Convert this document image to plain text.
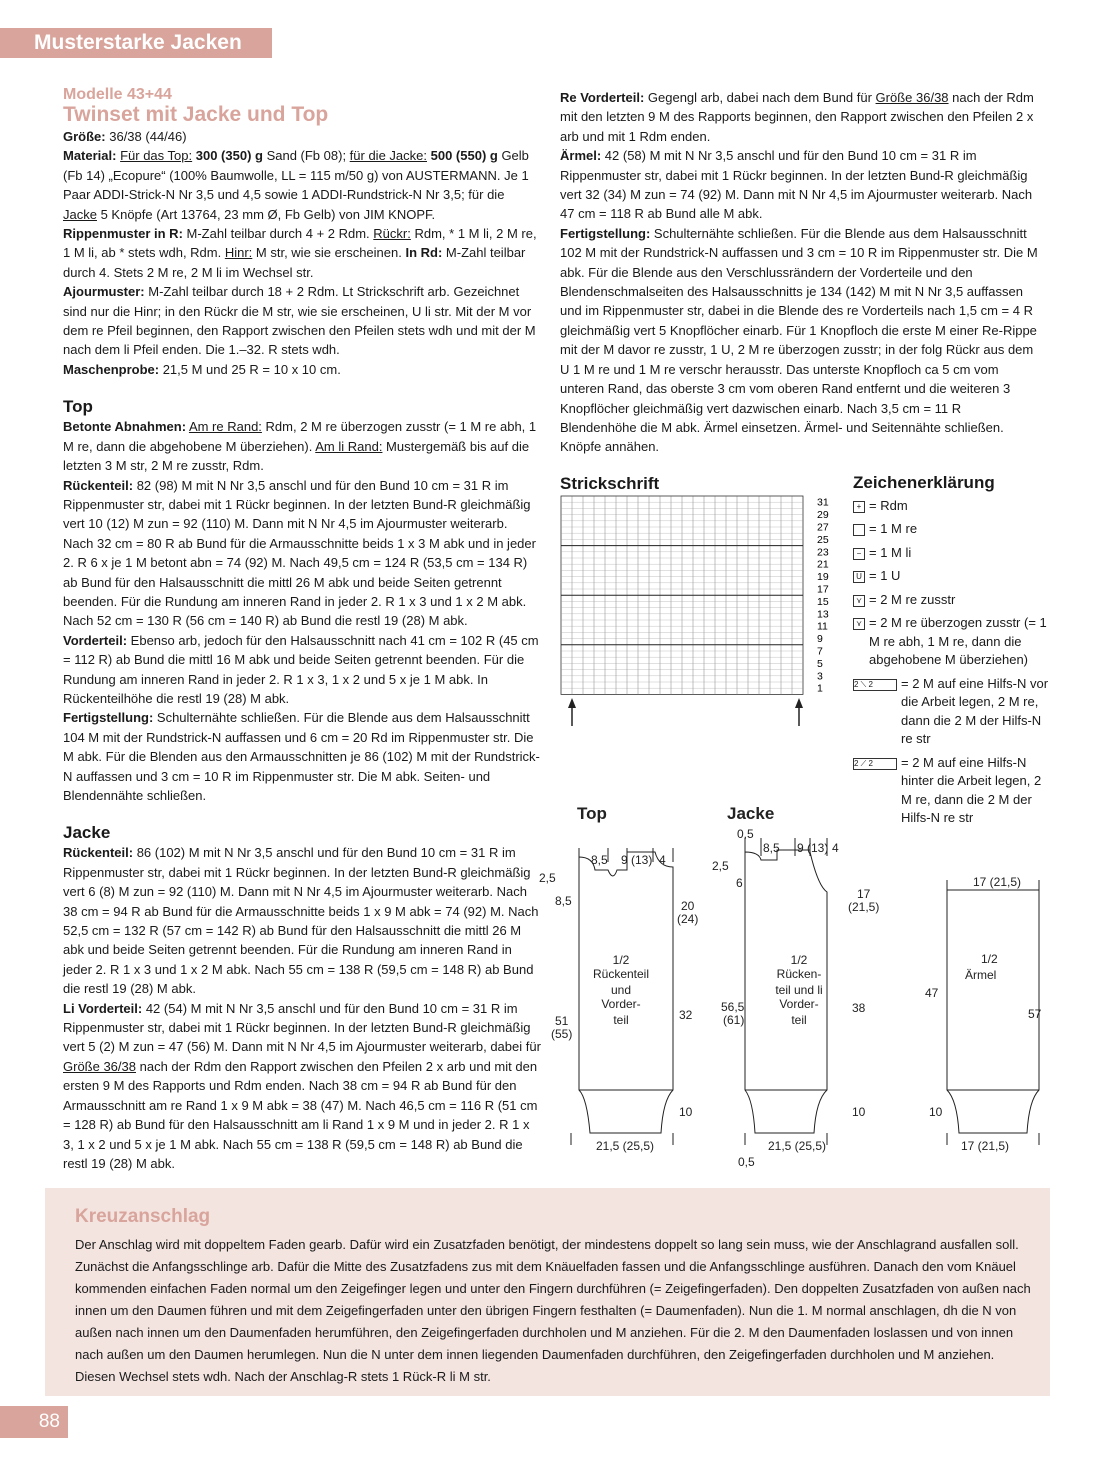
Musterstarke Jacken
Modelle 43+44
Twinset mit Jacke und Top

Größe: 36/38 (44/46)

Material: Für das Top: 300 (350) g Sand (Fb 08); für die Jacke: 500 (550) g Gelb (Fb 14) „Ecopure“ (100% Baumwolle, LL = 115 m/50 g) von AUSTERMANN. Je 1 Paar ADDI-Strick-N Nr 3,5 und 4,5 sowie 1 ADDI-Rundstrick-N Nr 3,5; für die Jacke 5 Knöpfe (Art 13764, 23 mm Ø, Fb Gelb) von JIM KNOPF.

Rippenmuster in R: M-Zahl teilbar durch 4 + 2 Rdm. Rückr: Rdm, * 1 M li, 2 M re, 1 M li, ab * stets wdh, Rdm. Hinr: M str, wie sie erscheinen. In Rd: M-Zahl teilbar durch 4. Stets 2 M re, 2 M li im Wechsel str.

Ajourmuster: M-Zahl teilbar durch 18 + 2 Rdm. Lt Strickschrift arb. Gezeichnet sind nur die Hinr; in den Rückr die M str, wie sie erscheinen, U li str. Mit der M vor dem re Pfeil beginnen, den Rapport zwischen den Pfeilen stets wdh und mit der M nach dem li Pfeil enden. Die 1.–32. R stets wdh.

Maschenprobe: 21,5 M und 25 R = 10 x 10 cm.

Top

Betonte Abnahmen: Am re Rand: Rdm, 2 M re überzogen zusstr (= 1 M re abh, 1 M re, dann die abgehobene M überziehen). Am li Rand: Mustergemäß bis auf die letzten 3 M str, 2 M re zusstr, Rdm.

Rückenteil: 82 (98) M mit N Nr 3,5 anschl und für den Bund 10 cm = 31 R im Rippenmuster str, dabei mit 1 Rückr beginnen. In der letzten Bund-R gleichmäßig vert 10 (12) M zun = 92 (110) M. Dann mit N Nr 4,5 im Ajourmuster weiterarb. Nach 32 cm = 80 R ab Bund für die Armausschnitte beids 1 x 3 M abk und in jeder 2. R 6 x je 1 M betont abn = 74 (92) M. Nach 49,5 cm = 124 R (53,5 cm = 134 R) ab Bund für den Halsausschnitt die mittl 26 M abk und beide Seiten getrennt beenden. Für die Rundung am inneren Rand in jeder 2. R 1 x 3 und 1 x 2 M abk. Nach 52 cm = 130 R (56 cm = 140 R) ab Bund die restl 19 (28) M abk.

Vorderteil: Ebenso arb, jedoch für den Halsausschnitt nach 41 cm = 102 R (45 cm = 112 R) ab Bund die mittl 16 M abk und beide Seiten getrennt beenden. Für die Rundung am inneren Rand in jeder 2. R 1 x 3, 1 x 2 und 5 x je 1 M abk. In Rückenteilhöhe die restl 19 (28) M abk.

Fertigstellung: Schulternähte schließen. Für die Blende aus dem Halsausschnitt 104 M mit der Rundstrick-N auffassen und 6 cm = 20 Rd im Rippenmuster str. Die M abk. Für die Blenden aus den Armausschnitten je 86 (102) M mit der Rundstrick-N auffassen und 3 cm = 10 R im Rippenmuster str. Die M abk. Seiten- und Blendennähte schließen.

Jacke

Rückenteil: 86 (102) M mit N Nr 3,5 anschl und für den Bund 10 cm = 31 R im Rippenmuster str, dabei mit 1 Rückr beginnen. In der letzten Bund-R gleichmäßig vert 6 (8) M zun = 92 (110) M. Dann mit N Nr 4,5 im Ajourmuster weiterarb. Nach 38 cm = 94 R ab Bund für die Armausschnitte beids 1 x 9 M abk = 74 (92) M. Nach 52,5 cm = 132 R (57 cm = 142 R) ab Bund für den Halsausschnitt die mittl 26 M abk und beide Seiten getrennt beenden. Für die Rundung am inneren Rand in jeder 2. R 1 x 3 und 1 x 2 M abk. Nach 55 cm = 138 R (59,5 cm = 148 R) ab Bund die restl 19 (28) M abk.

Li Vorderteil: 42 (54) M mit N Nr 3,5 anschl und für den Bund 10 cm = 31 R im Rippenmuster str, dabei mit 1 Rückr beginnen. In der letzten Bund-R gleichmäßig vert 5 (2) M zun = 47 (56) M. Dann mit N Nr 4,5 im Ajourmuster weiterarb, dabei für Größe 36/38 nach der Rdm den Rapport zwischen den Pfeilen 2 x arb und mit den ersten 9 M des Rapports und Rdm enden. Nach 38 cm = 94 R ab Bund für den Armausschnitt am re Rand 1 x 9 M abk = 38 (47) M. Nach 46,5 cm = 116 R (51 cm = 128 R) ab Bund für den Halsausschnitt am li Rand 1 x 9 M und in jeder 2. R 1 x 3, 1 x 2 und 5 x je 1 M abk. Nach 55 cm = 138 R (59,5 cm = 148 R) ab Bund die restl 19 (28) M abk.

Re Vorderteil: Gegengl arb, dabei nach dem Bund für Größe 36/38 nach der Rdm mit den letzten 9 M des Rapports beginnen, den Rapport zwischen den Pfeilen 2 x arb und mit 1 Rdm enden.

Ärmel: 42 (58) M mit N Nr 3,5 anschl und für den Bund 10 cm = 31 R im Rippenmuster str, dabei mit 1 Rückr beginnen. In der letzten Bund-R gleichmäßig vert 32 (34) M zun = 74 (92) M. Dann mit N Nr 4,5 im Ajourmuster weiterarb. Nach 47 cm = 118 R ab Bund alle M abk.

Fertigstellung: Schulternähte schließen. Für die Blende aus dem Halsausschnitt 102 M mit der Rundstrick-N auffassen und 3 cm = 10 R im Rippenmuster str. Die M abk. Für die Blende aus den Verschlussrändern der Vorderteile und den Blendenschmalseiten des Halsausschnitts je 134 (142) M mit N Nr 3,5 auffassen und im Rippenmuster str, dabei in die Blende des re Vorderteils nach 1,5 cm = 4 R gleichmäßig vert 5 Knopflöcher einarb. Für 1 Knopfloch die erste M einer Re-Rippe mit der M davor re zusstr, 1 U, 2 M re überzogen zusstr; in der folg Rückr aus dem U 1 M re und 1 M re verschr herausstr. Das unterste Knopfloch ca 5 cm vom unteren Rand, das oberste 3 cm vom oberen Rand entfernt und die weiteren 3 Knopflöcher gleichmäßig vert dazwischen einarb. Nach 3,5 cm = 11 R Blendenhöhe die M abk. Ärmel einsetzen. Ärmel- und Seitennähte schließen. Knöpfe annähen.

Strickschrift
31
29
27
25
23
21
19
17
15
13
11
9
7
5
3
1
Zeichenerklärung
+ = Rdm
= 1 M re
− = 1 M li
U = 1 U
⋎ = 2 M re zusstr
⋎ = 2 M re überzogen zusstr (= 1 M re abh, 1 M re, dann die abgehobene M überziehen)
2 ⟍ 2	= 2 M auf eine Hilfs-N vor die Arbeit legen, 2 M re, dann die 2 M der Hilfs-N re str
2 ⟋ 2	= 2 M auf eine Hilfs-N hinter die Arbeit legen, 2 M re, dann die 2 M der Hilfs-N re str
Top
8,5 9 (13) 4
2,5
8,5	20
(24)
1/2
Rückenteil
und
Vorder-
teil
51
(55)
32
10
21,5 (25,5)
Jacke
0,5
8,5 9 (13) 4
2,5
6
17
(21,5)
1/2
Rücken-
teil und li
Vorder-
teil
56,5
(61)
38
10
21,5 (25,5)
0,5
17 (21,5)
1/2
Ärmel
47
57
10
17 (21,5)
Kreuzanschlag
Der Anschlag wird mit doppeltem Faden gearb. Dafür wird ein Zusatzfaden benötigt, der mindestens doppelt so lang sein muss, wie der Anschlagrand ausfallen soll. Zunächst die Anfangsschlinge arb. Dafür die Mitte des Zusatzfadens zus mit dem Knäuelfaden fassen und die Anfangsschlinge ausführen. Danach den vom Knäuel kommenden einfachen Faden normal um den Zeigefinger legen und unter den Fingern durchführen (= Zeigefingerfaden). Den doppelten Zusatzfaden von außen nach innen um den Daumen führen und mit dem Zeigefingerfaden unter den übrigen Fingern festhalten (= Daumenfaden). Nun die 1. M normal anschlagen, dh die N von außen nach innen um den Daumenfaden herumführen, den Zeigefingerfaden durchholen und M anziehen. Für die 2. M den Daumenfaden loslassen und von innen nach außen um den Daumen herumlegen. Nun die N unter dem innen liegenden Daumenfaden durchführen, den Zeigefingerfaden durchholen und M anziehen. Diesen Wechsel stets wdh. Nach der Anschlag-R stets 1 Rück-R li M str.
88
